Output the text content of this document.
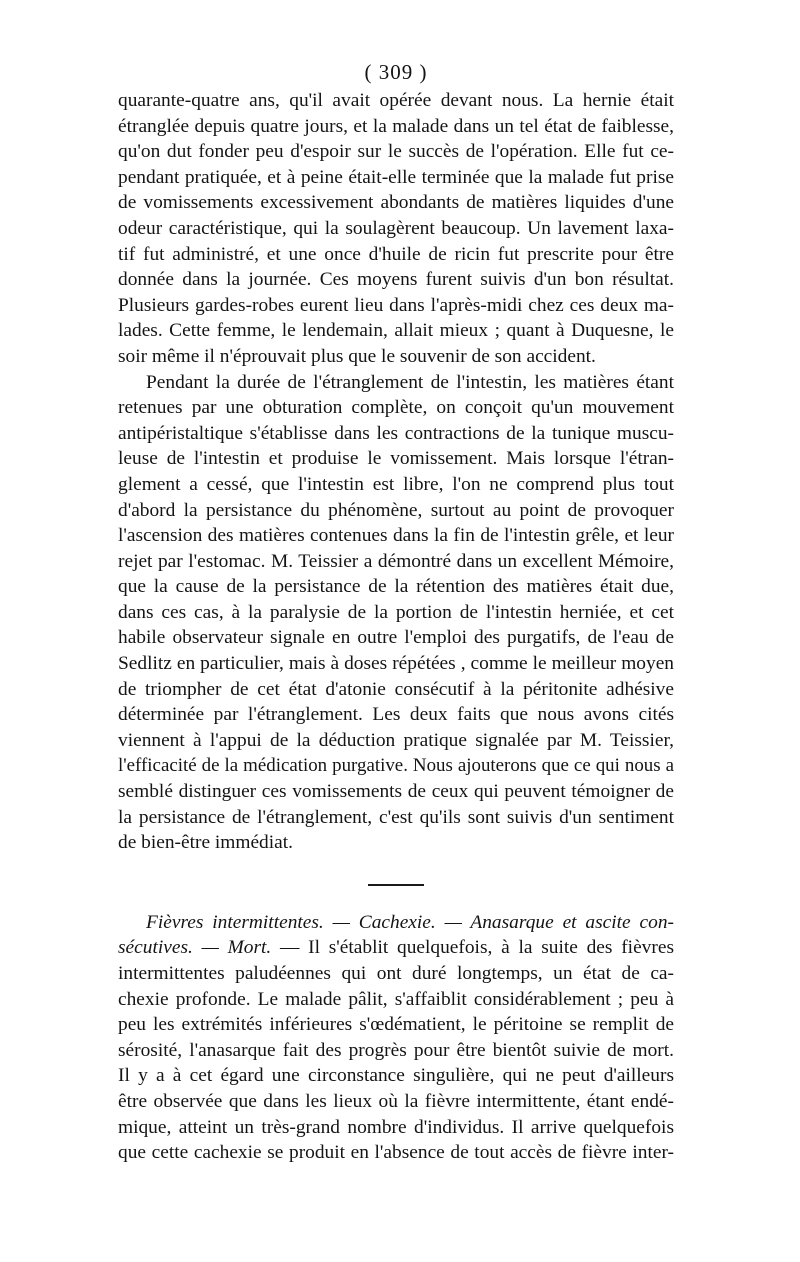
( 309 )
quarante-quatre ans, qu'il avait opérée devant nous. La hernie était
étranglée depuis quatre jours, et la malade dans un tel état de faiblesse,
qu'on dut fonder peu d'espoir sur le succès de l'opération. Elle fut ce-
pendant pratiquée, et à peine était-elle terminée que la malade fut prise
de vomissements excessivement abondants de matières liquides d'une
odeur caractéristique, qui la soulagèrent beaucoup. Un lavement laxa-
tif fut administré, et une once d'huile de ricin fut prescrite pour être
donnée dans la journée. Ces moyens furent suivis d'un bon résultat.
Plusieurs gardes-robes eurent lieu dans l'après-midi chez ces deux ma-
lades. Cette femme, le lendemain, allait mieux ; quant à Duquesne, le
soir même il n'éprouvait plus que le souvenir de son accident.
Pendant la durée de l'étranglement de l'intestin, les matières étant
retenues par une obturation complète, on conçoit qu'un mouvement
antipéristaltique s'établisse dans les contractions de la tunique muscu-
leuse de l'intestin et produise le vomissement. Mais lorsque l'étran-
glement a cessé, que l'intestin est libre, l'on ne comprend plus tout
d'abord la persistance du phénomène, surtout au point de provoquer
l'ascension des matières contenues dans la fin de l'intestin grêle, et leur
rejet par l'estomac. M. Teissier a démontré dans un excellent Mémoire,
que la cause de la persistance de la rétention des matières était due,
dans ces cas, à la paralysie de la portion de l'intestin herniée, et cet
habile observateur signale en outre l'emploi des purgatifs, de l'eau de
Sedlitz en particulier, mais à doses répétées , comme le meilleur moyen
de triompher de cet état d'atonie consécutif à la péritonite adhésive
déterminée par l'étranglement. Les deux faits que nous avons cités
viennent à l'appui de la déduction pratique signalée par M. Teissier,
l'efficacité de la médication purgative. Nous ajouterons que ce qui nous a
semblé distinguer ces vomissements de ceux qui peuvent témoigner de
la persistance de l'étranglement, c'est qu'ils sont suivis d'un sentiment
de bien-être immédiat.
Fièvres intermittentes. — Cachexie. — Anasarque et ascite con-
sécutives. — Mort. — Il s'établit quelquefois, à la suite des fièvres
intermittentes paludéennes qui ont duré longtemps, un état de ca-
chexie profonde. Le malade pâlit, s'affaiblit considérablement ; peu à
peu les extrémités inférieures s'œdématient, le péritoine se remplit de
sérosité, l'anasarque fait des progrès pour être bientôt suivie de mort.
Il y a à cet égard une circonstance singulière, qui ne peut d'ailleurs
être observée que dans les lieux où la fièvre intermittente, étant endé-
mique, atteint un très-grand nombre d'individus. Il arrive quelquefois
que cette cachexie se produit en l'absence de tout accès de fièvre inter-
